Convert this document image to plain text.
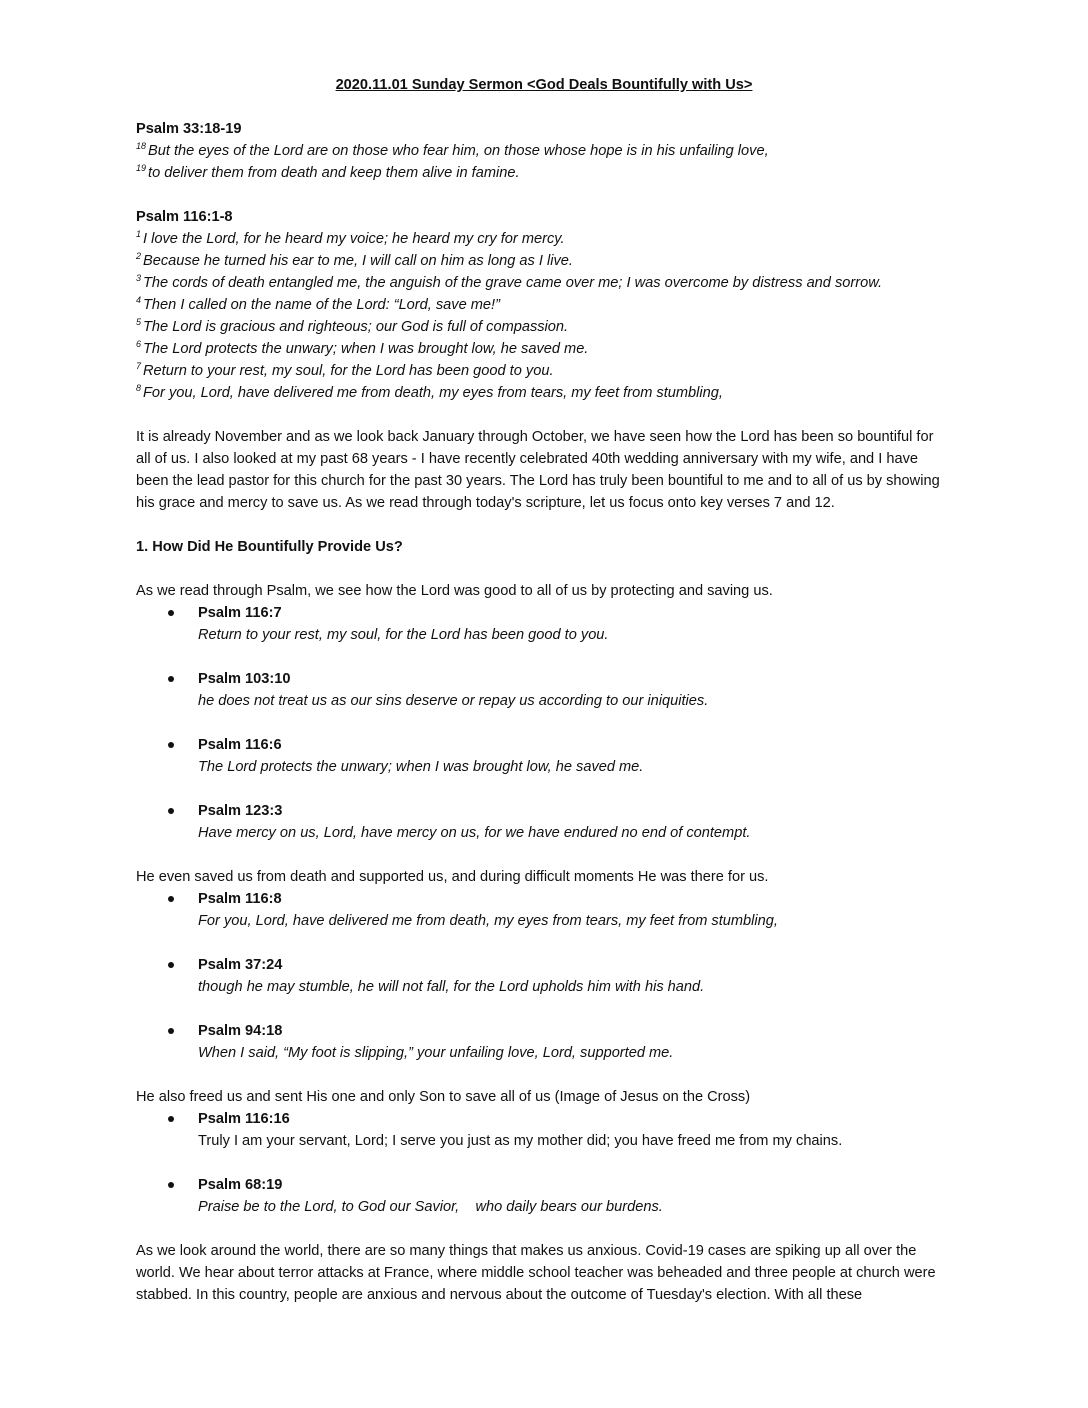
2020.11.01 Sunday Sermon <God Deals Bountifully with Us>
Psalm 33:18-19
$^{18}$ But the eyes of the Lord are on those who fear him, on those whose hope is in his unfailing love,
$^{19}$ to deliver them from death and keep them alive in famine.
Psalm 116:1-8
$^1$ I love the Lord, for he heard my voice; he heard my cry for mercy.
$^2$ Because he turned his ear to me, I will call on him as long as I live.
$^3$ The cords of death entangled me, the anguish of the grave came over me; I was overcome by distress and sorrow.
$^4$ Then I called on the name of the Lord: “Lord, save me!”
$^5$ The Lord is gracious and righteous; our God is full of compassion.
$^6$ The Lord protects the unwary; when I was brought low, he saved me.
$^7$ Return to your rest, my soul, for the Lord has been good to you.
$^8$ For you, Lord, have delivered me from death, my eyes from tears, my feet from stumbling,

It is already November and as we look back January through October, we have seen how the Lord has been so bountiful for all of us. I also looked at my past 68 years - I have recently celebrated 40th wedding anniversary with my wife, and I have been the lead pastor for this church for the past 30 years. The Lord has truly been bountiful to me and to all of us by showing his grace and mercy to save us. As we read through today's scripture, let us focus onto key verses 7 and 12.

1. How Did He Bountifully Provide Us?
As we read through Psalm, we see how the Lord was good to all of us by protecting and saving us.
Psalm 116:7
Return to your rest, my soul, for the Lord has been good to you.
Psalm 103:10
he does not treat us as our sins deserve or repay us according to our iniquities.
Psalm 116:6
The Lord protects the unwary; when I was brought low, he saved me.
Psalm 123:3
Have mercy on us, Lord, have mercy on us, for we have endured no end of contempt.
He even saved us from death and supported us, and during difficult moments He was there for us.
Psalm 116:8
For you, Lord, have delivered me from death, my eyes from tears, my feet from stumbling,
Psalm 37:24
though he may stumble, he will not fall, for the Lord upholds him with his hand.
Psalm 94:18
When I said, “My foot is slipping,” your unfailing love, Lord, supported me.
He also freed us and sent His one and only Son to save all of us (Image of Jesus on the Cross)
Psalm 116:16
Truly I am your servant, Lord; I serve you just as my mother did; you have freed me from my chains.
Psalm 68:19
Praise be to the Lord, to God our Savior,    who daily bears our burdens.

As we look around the world, there are so many things that makes us anxious. Covid-19 cases are spiking up all over the world. We hear about terror attacks at France, where middle school teacher was beheaded and three people at church were stabbed. In this country, people are anxious and nervous about the outcome of Tuesday's election. With all these
